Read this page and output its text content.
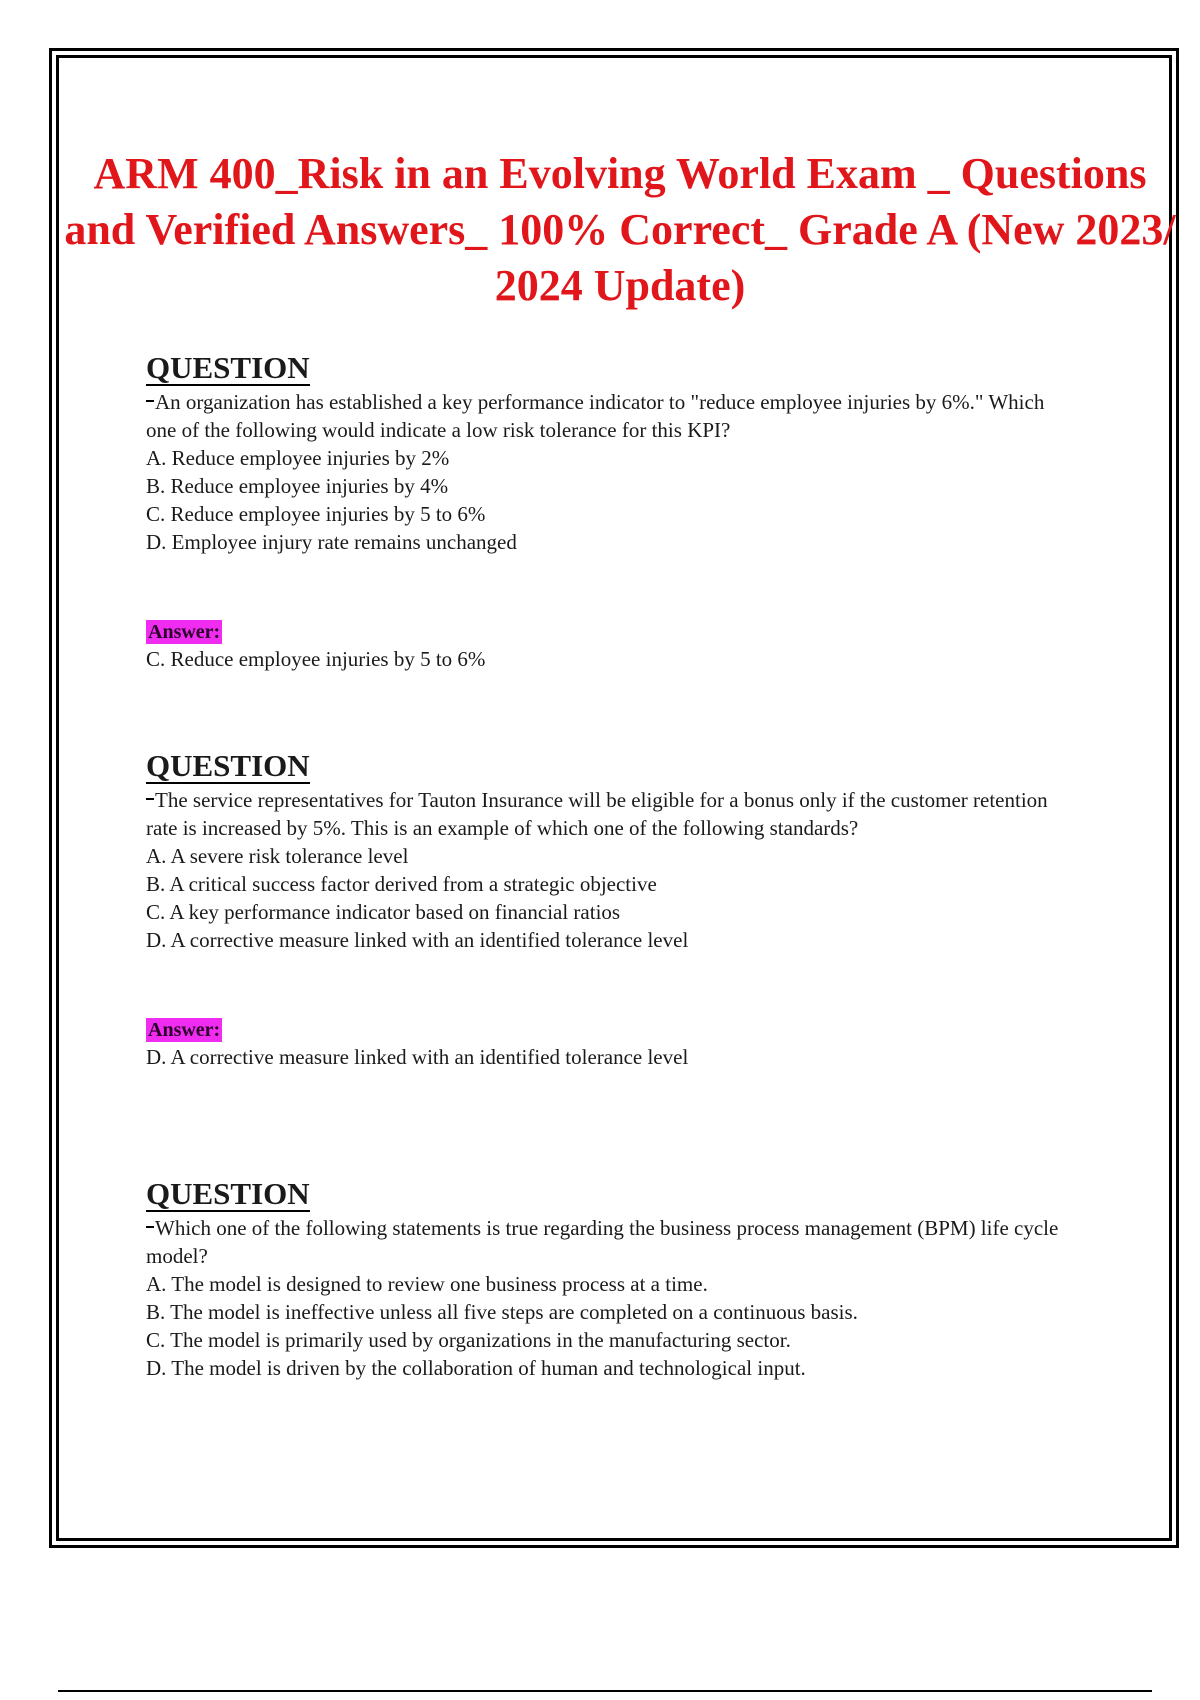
ARM 400_Risk in an Evolving World Exam _ Questions and Verified Answers_ 100% Correct_ Grade A (New 2023/ 2024 Update)
QUESTION
An organization has established a key performance indicator to "reduce employee injuries by 6%." Which one of the following would indicate a low risk tolerance for this KPI?
A. Reduce employee injuries by 2%
B. Reduce employee injuries by 4%
C. Reduce employee injuries by 5 to 6%
D. Employee injury rate remains unchanged
Answer:
C. Reduce employee injuries by 5 to 6%
QUESTION
The service representatives for Tauton Insurance will be eligible for a bonus only if the customer retention rate is increased by 5%. This is an example of which one of the following standards?
A. A severe risk tolerance level
B. A critical success factor derived from a strategic objective
C. A key performance indicator based on financial ratios
D. A corrective measure linked with an identified tolerance level
Answer:
D. A corrective measure linked with an identified tolerance level
QUESTION
Which one of the following statements is true regarding the business process management (BPM) life cycle model?
A. The model is designed to review one business process at a time.
B. The model is ineffective unless all five steps are completed on a continuous basis.
C. The model is primarily used by organizations in the manufacturing sector.
D. The model is driven by the collaboration of human and technological input.
